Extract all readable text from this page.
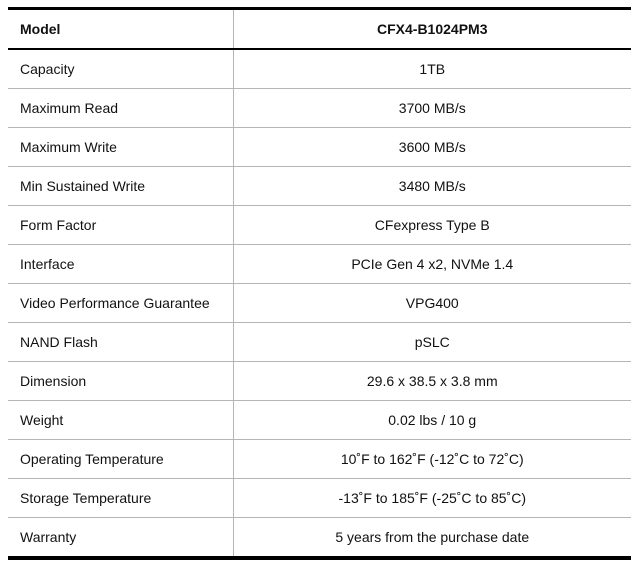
Model	CFX4-B1024PM3
Capacity	1TB
Maximum Read	3700 MB/s
Maximum Write	3600 MB/s
Min Sustained Write	3480 MB/s
Form Factor	CFexpress Type B
Interface	PCIe Gen 4 x2, NVMe 1.4
Video Performance Guarantee	VPG400
NAND Flash	pSLC
Dimension	29.6 x 38.5 x 3.8 mm
Weight	0.02 lbs / 10 g
Operating Temperature	10˚F to 162˚F (-12˚C to 72˚C)
Storage Temperature	-13˚F to 185˚F (-25˚C to 85˚C)
Warranty	5 years from the purchase date
